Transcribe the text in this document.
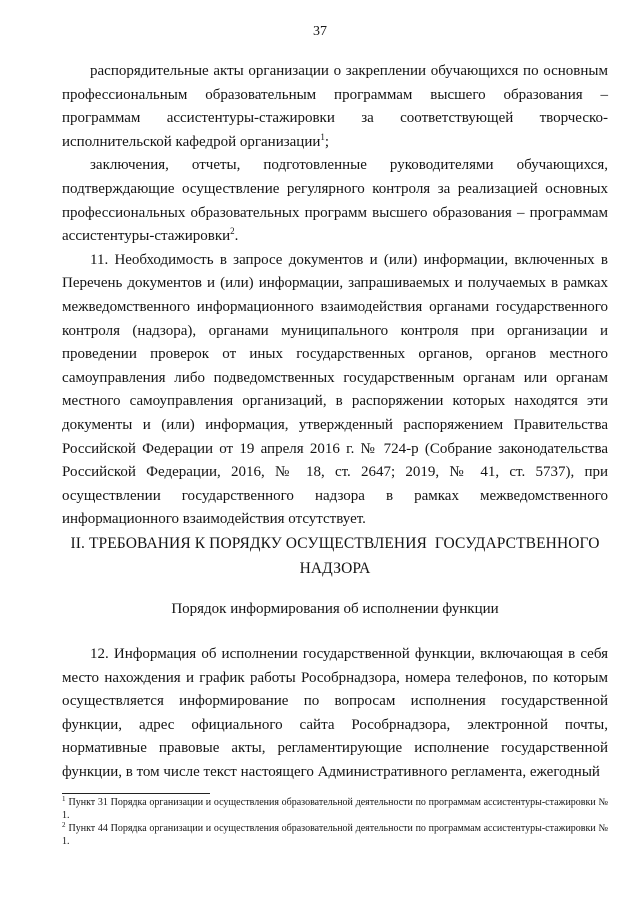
37

распорядительные акты организации о закреплении обучающихся по основным профессиональным образовательным программам высшего образования – программам ассистентуры-стажировки за соответствующей творческо-исполнительской кафедрой организации$^1$;

заключения, отчеты, подготовленные руководителями обучающихся, подтверждающие осуществление регулярного контроля за реализацией основных профессиональных образовательных программ высшего образования – программам ассистентуры-стажировки$^2$.

11. Необходимость в запросе документов и (или) информации, включенных в Перечень документов и (или) информации, запрашиваемых и получаемых в рамках межведомственного информационного взаимодействия органами государственного контроля (надзора), органами муниципального контроля при организации и проведении проверок от иных государственных органов, органов местного самоуправления либо подведомственных государственным органам или органам местного самоуправления организаций, в распоряжении которых находятся эти документы и (или) информация, утвержденный распоряжением Правительства Российской Федерации от 19 апреля 2016 г. № 724-р (Собрание законодательства Российской Федерации, 2016, № 18, ст. 2647; 2019, № 41, ст. 5737), при осуществлении государственного надзора в рамках межведомственного информационного взаимодействия отсутствует.

II. ТРЕБОВАНИЯ К ПОРЯДКУ ОСУЩЕСТВЛЕНИЯ  ГОСУДАРСТВЕННОГО
НАДЗОРА
Порядок информирования об исполнении функции

12. Информация об исполнении государственной функции, включающая в себя место нахождения и график работы Рособрнадзора, номера телефонов, по которым осуществляется информирование по вопросам исполнения государственной функции, адрес официального сайта Рособрнадзора, электронной почты, нормативные правовые акты, регламентирующие исполнение государственной функции, в том числе текст настоящего Административного регламента, ежегодный

$^1$ Пункт 31 Порядка организации и осуществления образовательной деятельности по программам ассистентуры-стажировки № 1.

$^2$ Пункт 44 Порядка организации и осуществления образовательной деятельности по программам ассистентуры-стажировки № 1.
